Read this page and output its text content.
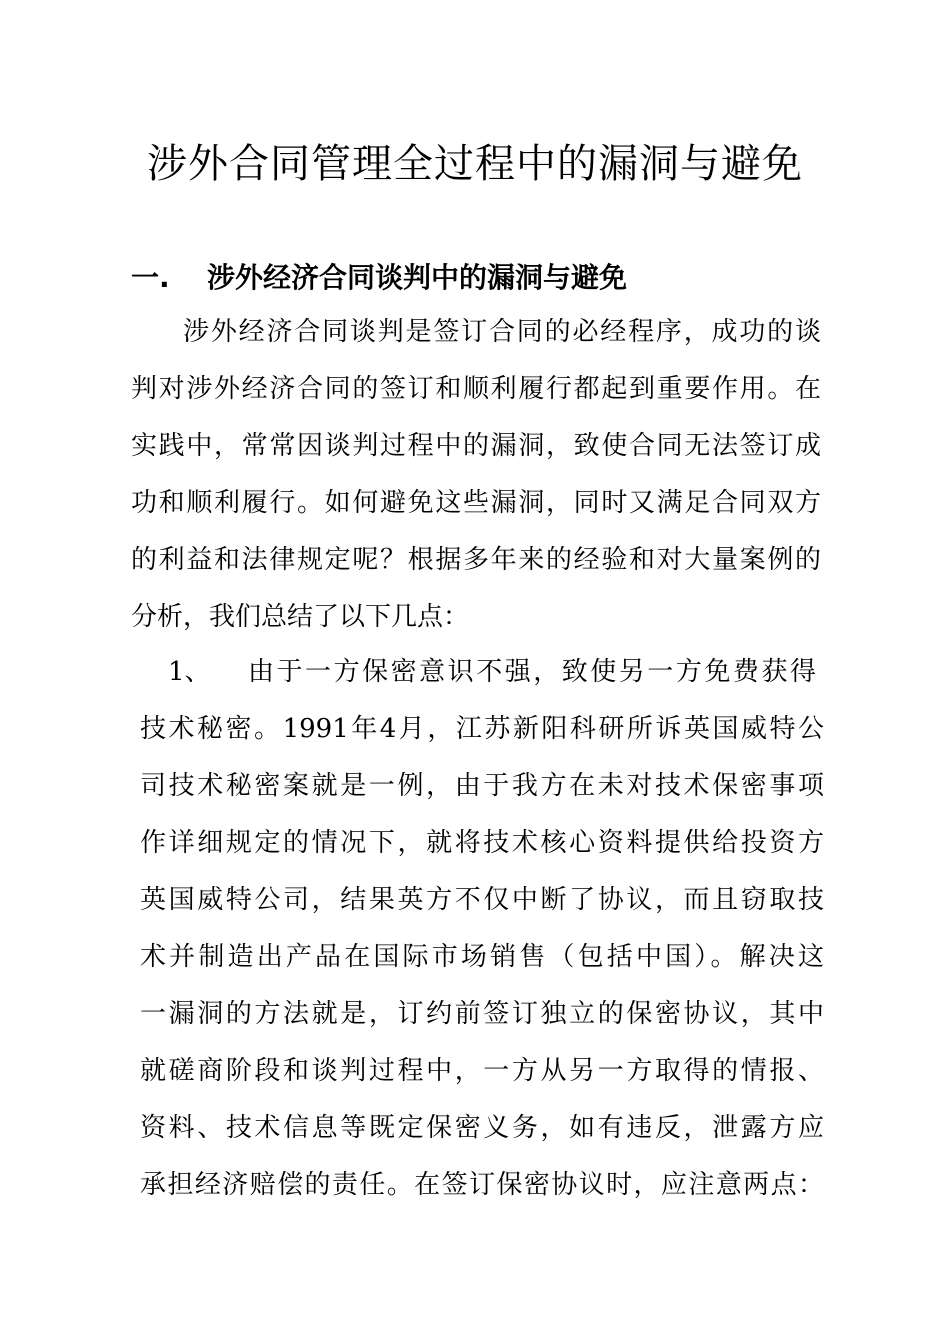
涉外合同管理全过程中的漏洞与避免
一. 涉外经济合同谈判中的漏洞与避免
涉外经济合同谈判是签订合同的必经程序，成功的谈
判对涉外经济合同的签订和顺利履行都起到重要作用。在
实践中，常常因谈判过程中的漏洞，致使合同无法签订成
功和顺利履行。如何避免这些漏洞，同时又满足合同双方
的利益和法律规定呢？根据多年来的经验和对大量案例的
分析，我们总结了以下几点：
1、 由于一方保密意识不强，致使另一方免费获得
技术秘密。1991年4月，江苏新阳科研所诉英国威特公
司技术秘密案就是一例，由于我方在未对技术保密事项
作详细规定的情况下，就将技术核心资料提供给投资方
英国威特公司，结果英方不仅中断了协议，而且窃取技
术并制造出产品在国际市场销售（包括中国）。解决这
一漏洞的方法就是，订约前签订独立的保密协议，其中
就磋商阶段和谈判过程中，一方从另一方取得的情报、
资料、技术信息等既定保密义务，如有违反，泄露方应
承担经济赔偿的责任。在签订保密协议时，应注意两点：
